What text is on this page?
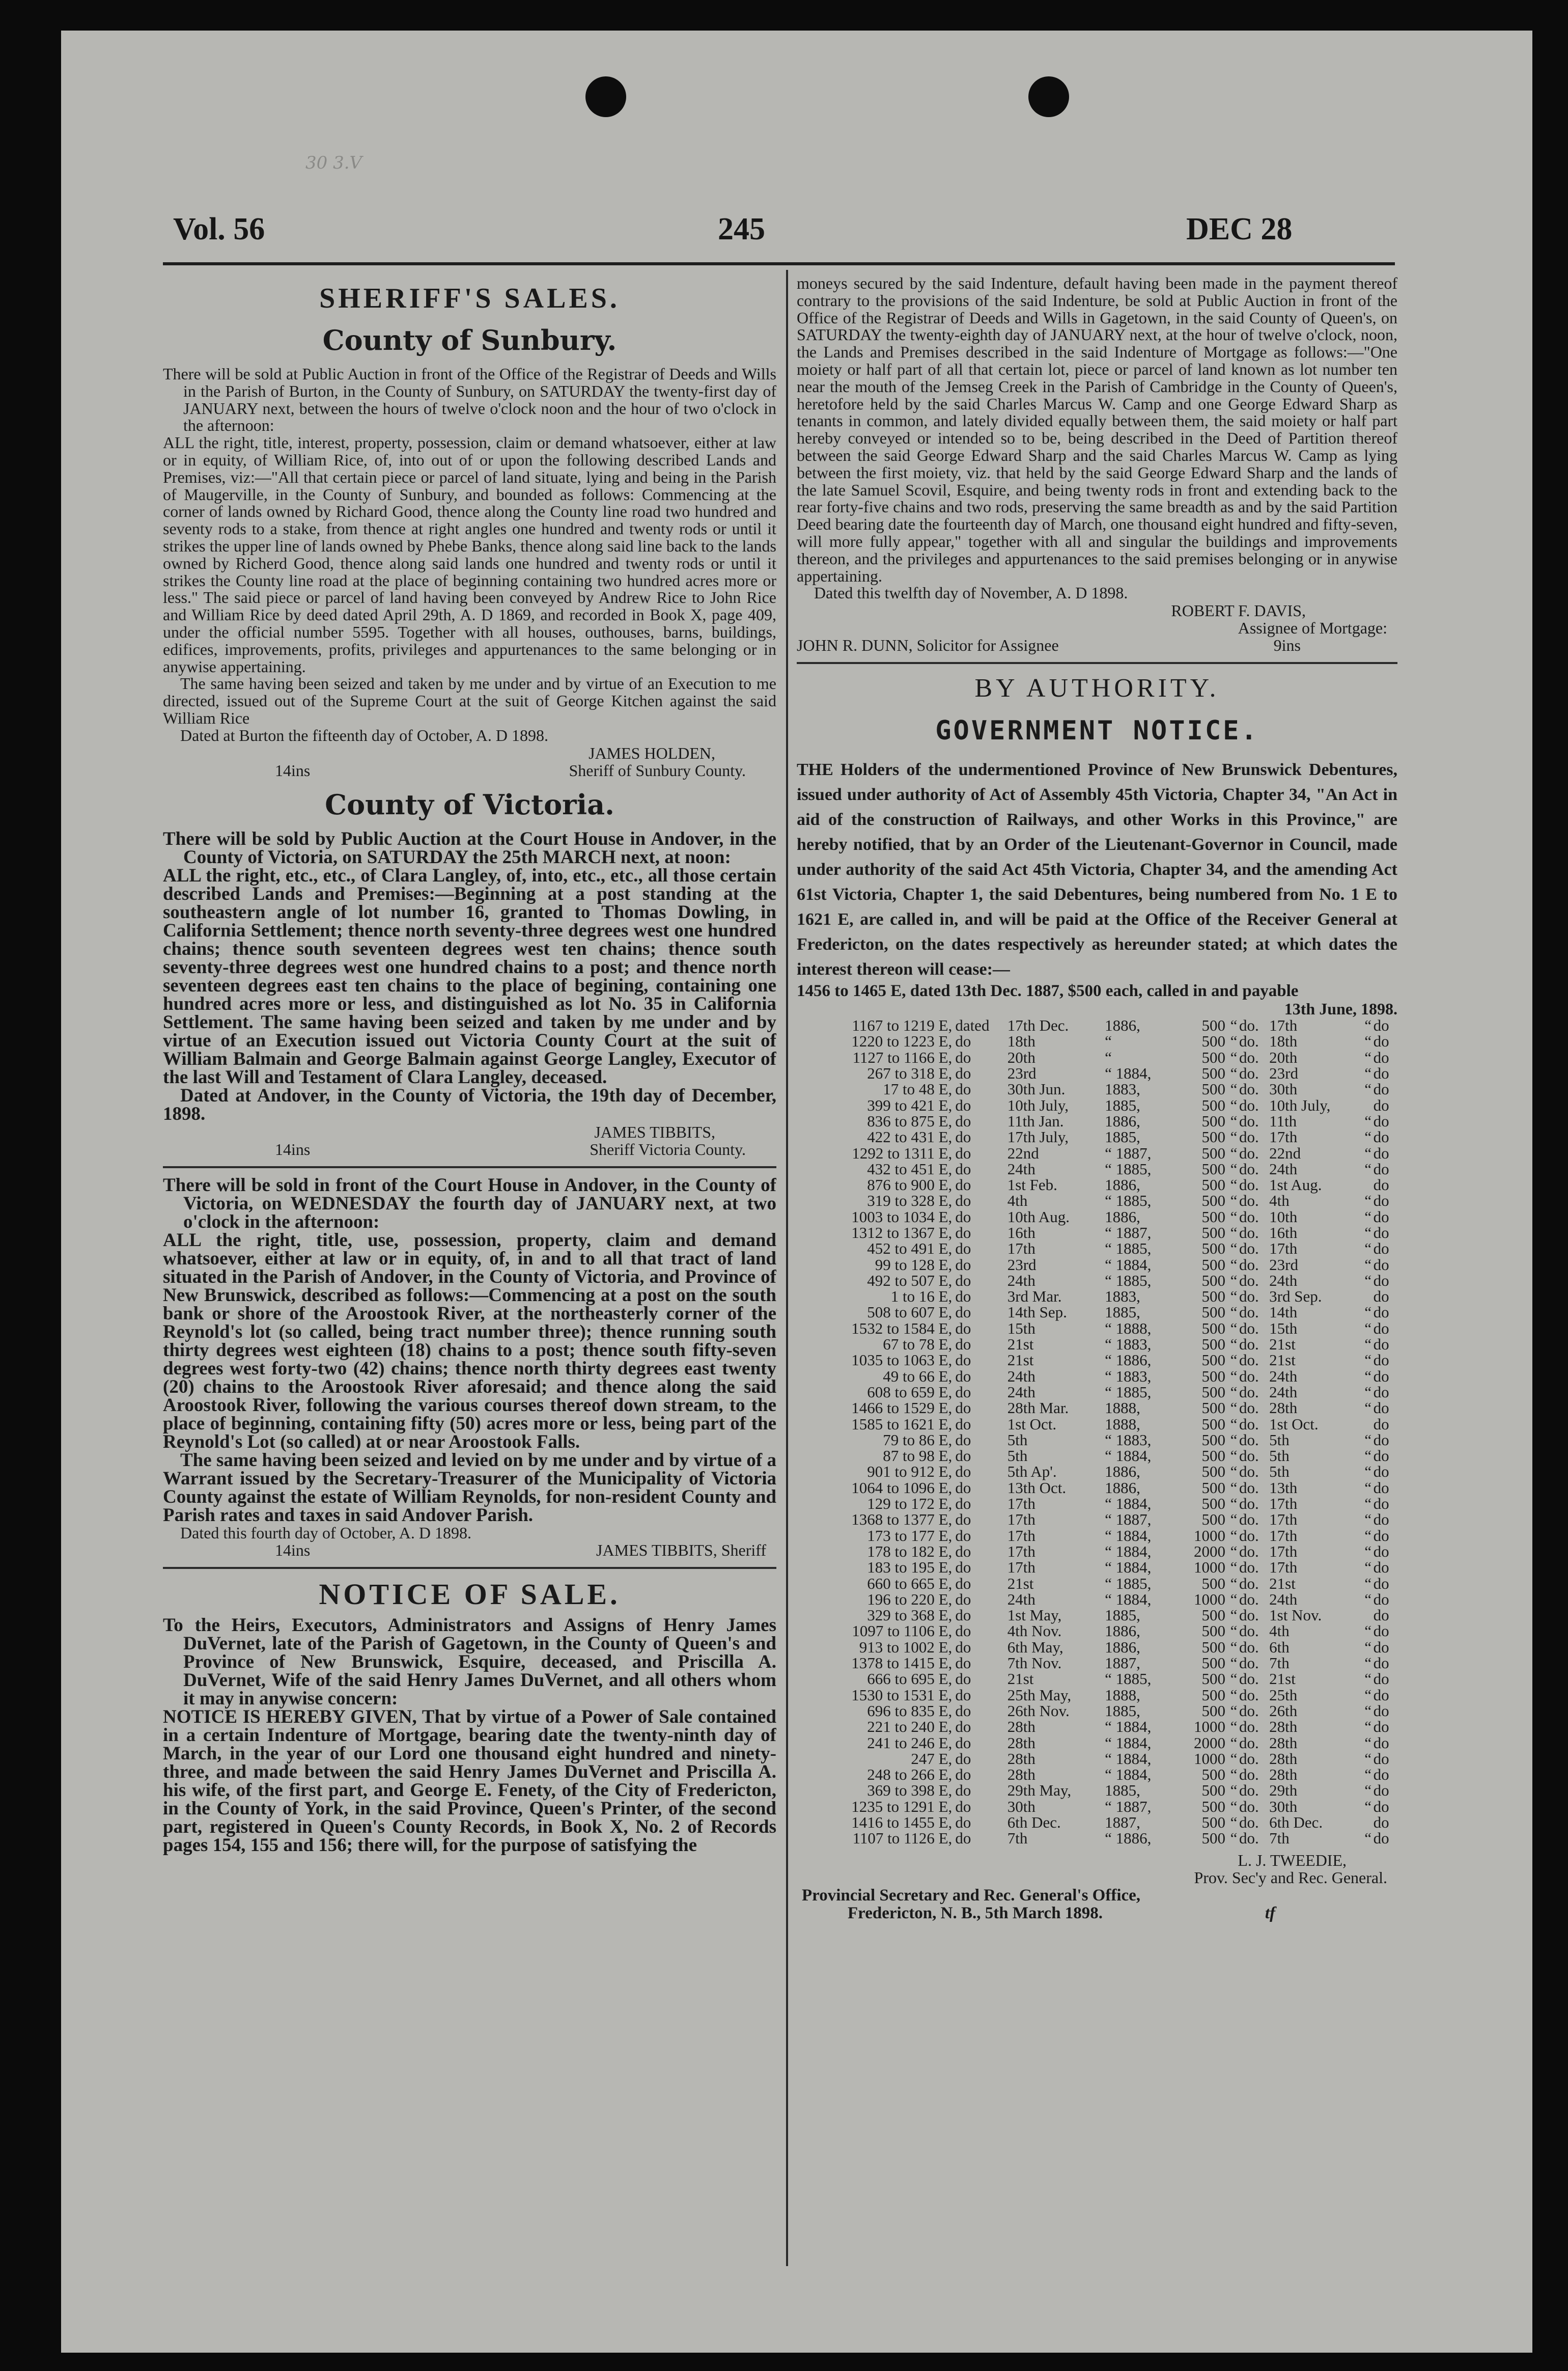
30 3.V
Vol. 56	245	DEC 28
SHERIFF'S SALES.
County of Sunbury.

There will be sold at Public Auction in front of the Office of the Registrar of Deeds and Wills in the Parish of Burton, in the County of Sunbury, on SATURDAY the twenty-first day of JANUARY next, between the hours of twelve o'clock noon and the hour of two o'clock in the afternoon:

ALL the right, title, interest, property, possession, claim or demand whatsoever, either at law or in equity, of William Rice, of, into out of or upon the following described Lands and Premises, viz:—"All that certain piece or parcel of land situate, lying and being in the Parish of Maugerville, in the County of Sunbury, and bounded as follows: Commencing at the corner of lands owned by Richard Good, thence along the County line road two hundred and seventy rods to a stake, from thence at right angles one hundred and twenty rods or until it strikes the upper line of lands owned by Phebe Banks, thence along said line back to the lands owned by Richerd Good, thence along said lands one hundred and twenty rods or until it strikes the County line road at the place of beginning containing two hundred acres more or less." The said piece or parcel of land having been conveyed by Andrew Rice to John Rice and William Rice by deed dated April 29th, A. D 1869, and recorded in Book X, page 409, under the official number 5595. Together with all houses, outhouses, barns, buildings, edifices, improvements, profits, privileges and appurtenances to the same belonging or in anywise appertaining.

The same having been seized and taken by me under and by virtue of an Execution to me directed, issued out of the Supreme Court at the suit of George Kitchen against the said William Rice

Dated at Burton the fifteenth day of October, A. D 1898.

JAMES HOLDEN,
14ins	Sheriff of Sunbury County.
County of Victoria.

There will be sold by Public Auction at the Court House in Andover, in the County of Victoria, on SATURDAY the 25th MARCH next, at noon:

ALL the right, etc., etc., of Clara Langley, of, into, etc., etc., all those certain described Lands and Premises:—Beginning at a post standing at the southeastern angle of lot number 16, granted to Thomas Dowling, in California Settlement; thence north seventy-three degrees west one hundred chains; thence south seventeen degrees west ten chains; thence south seventy-three degrees west one hundred chains to a post; and thence north seventeen degrees east ten chains to the place of begining, containing one hundred acres more or less, and distinguished as lot No. 35 in California Settlement. The same having been seized and taken by me under and by virtue of an Execution issued out Victoria County Court at the suit of William Balmain and George Balmain against George Langley, Executor of the last Will and Testament of Clara Langley, deceased.

Dated at Andover, in the County of Victoria, the 19th day of December, 1898.

JAMES TIBBITS,
14ins	Sheriff Victoria County.

There will be sold in front of the Court House in Andover, in the County of Victoria, on WEDNESDAY the fourth day of JANUARY next, at two o'clock in the afternoon:

ALL the right, title, use, possession, property, claim and demand whatsoever, either at law or in equity, of, in and to all that tract of land situated in the Parish of Andover, in the County of Victoria, and Province of New Brunswick, described as follows:—Commencing at a post on the south bank or shore of the Aroostook River, at the northeasterly corner of the Reynold's lot (so called, being tract number three); thence running south thirty degrees west eighteen (18) chains to a post; thence south fifty-seven degrees west forty-two (42) chains; thence north thirty degrees east twenty (20) chains to the Aroostook River aforesaid; and thence along the said Aroostook River, following the various courses thereof down stream, to the place of beginning, containing fifty (50) acres more or less, being part of the Reynold's Lot (so called) at or near Aroostook Falls.

The same having been seized and levied on by me under and by virtue of a Warrant issued by the Secretary-Treasurer of the Municipality of Victoria County against the estate of William Reynolds, for non-resident County and Parish rates and taxes in said Andover Parish.

Dated this fourth day of October, A. D 1898.

14ins	JAMES TIBBITS, Sheriff
NOTICE OF SALE.

To the Heirs, Executors, Administrators and Assigns of Henry James DuVernet, late of the Parish of Gagetown, in the County of Queen's and Province of New Brunswick, Esquire, deceased, and Priscilla A. DuVernet, Wife of the said Henry James DuVernet, and all others whom it may in anywise concern:

NOTICE IS HEREBY GIVEN, That by virtue of a Power of Sale contained in a certain Indenture of Mortgage, bearing date the twenty-ninth day of March, in the year of our Lord one thousand eight hundred and ninety-three, and made between the said Henry James DuVernet and Priscilla A. his wife, of the first part, and George E. Fenety, of the City of Fredericton, in the County of York, in the said Province, Queen's Printer, of the second part, registered in Queen's County Records, in Book X, No. 2 of Records pages 154, 155 and 156; there will, for the purpose of satisfying the

moneys secured by the said Indenture, default having been made in the payment thereof contrary to the provisions of the said Indenture, be sold at Public Auction in front of the Office of the Registrar of Deeds and Wills in Gagetown, in the said County of Queen's, on SATURDAY the twenty-eighth day of JANUARY next, at the hour of twelve o'clock, noon, the Lands and Premises described in the said Indenture of Mortgage as follows:—"One moiety or half part of all that certain lot, piece or parcel of land known as lot number ten near the mouth of the Jemseg Creek in the Parish of Cambridge in the County of Queen's, heretofore held by the said Charles Marcus W. Camp and one George Edward Sharp as tenants in common, and lately divided equally between them, the said moiety or half part hereby conveyed or intended so to be, being described in the Deed of Partition thereof between the said George Edward Sharp and the said Charles Marcus W. Camp as lying between the first moiety, viz. that held by the said George Edward Sharp and the lands of the late Samuel Scovil, Esquire, and being twenty rods in front and extending back to the rear forty-five chains and two rods, preserving the same breadth as and by the said Partition Deed bearing date the fourteenth day of March, one thousand eight hundred and fifty-seven, will more fully appear," together with all and singular the buildings and improvements thereon, and the privileges and appurtenances to the said premises belonging or in anywise appertaining.

Dated this twelfth day of November, A. D 1898.

ROBERT F. DAVIS,
Assignee of Mortgage:
JOHN R. DUNN, Solicitor for Assignee	9ins
BY AUTHORITY.
GOVERNMENT NOTICE.

THE Holders of the undermentioned Province of New Brunswick Debentures, issued under authority of Act of Assembly 45th Victoria, Chapter 34, "An Act in aid of the construction of Railways, and other Works in this Province," are hereby notified, that by an Order of the Lieutenant-Governor in Council, made under authority of the said Act 45th Victoria, Chapter 34, and the amending Act 61st Victoria, Chapter 1, the said Debentures, being numbered from No. 1 E to 1621 E, are called in, and will be paid at the Office of the Receiver General at Fredericton, on the dates respectively as hereunder stated; at which dates the interest thereon will cease:—

1456 to 1465 E, dated 13th Dec. 1887, $500 each, called in and payable

13th June, 1898.
1167 to 1219 E,	dated	17th Dec.	1886,	500	“	do.	17th	“	do
1220 to 1223 E,	do	18th	“	500	“	do.	18th	“	do
1127 to 1166 E,	do	20th	“	500	“	do.	20th	“	do
267 to 318 E,	do	23rd	“ 1884,	500	“	do.	23rd	“	do
17 to 48 E,	do	30th Jun.	1883,	500	“	do.	30th	“	do
399 to 421 E,	do	10th July,	1885,	500	“	do.	10th July,		do
836 to 875 E,	do	11th Jan.	1886,	500	“	do.	11th	“	do
422 to 431 E,	do	17th July,	1885,	500	“	do.	17th	“	do
1292 to 1311 E,	do	22nd	“ 1887,	500	“	do.	22nd	“	do
432 to 451 E,	do	24th	“ 1885,	500	“	do.	24th	“	do
876 to 900 E,	do	1st Feb.	1886,	500	“	do.	1st Aug.		do
319 to 328 E,	do	4th	“ 1885,	500	“	do.	4th	“	do
1003 to 1034 E,	do	10th Aug.	1886,	500	“	do.	10th	“	do
1312 to 1367 E,	do	16th	“ 1887,	500	“	do.	16th	“	do
452 to 491 E,	do	17th	“ 1885,	500	“	do.	17th	“	do
99 to 128 E,	do	23rd	“ 1884,	500	“	do.	23rd	“	do
492 to 507 E,	do	24th	“ 1885,	500	“	do.	24th	“	do
1 to 16 E,	do	3rd Mar.	1883,	500	“	do.	3rd Sep.		do
508 to 607 E,	do	14th Sep.	1885,	500	“	do.	14th	“	do
1532 to 1584 E,	do	15th	“ 1888,	500	“	do.	15th	“	do
67 to 78 E,	do	21st	“ 1883,	500	“	do.	21st	“	do
1035 to 1063 E,	do	21st	“ 1886,	500	“	do.	21st	“	do
49 to 66 E,	do	24th	“ 1883,	500	“	do.	24th	“	do
608 to 659 E,	do	24th	“ 1885,	500	“	do.	24th	“	do
1466 to 1529 E,	do	28th Mar.	1888,	500	“	do.	28th	“	do
1585 to 1621 E,	do	1st Oct.	1888,	500	“	do.	1st Oct.		do
79 to 86 E,	do	5th	“ 1883,	500	“	do.	5th	“	do
87 to 98 E,	do	5th	“ 1884,	500	“	do.	5th	“	do
901 to 912 E,	do	5th Ap'.	1886,	500	“	do.	5th	“	do
1064 to 1096 E,	do	13th Oct.	1886,	500	“	do.	13th	“	do
129 to 172 E,	do	17th	“ 1884,	500	“	do.	17th	“	do
1368 to 1377 E,	do	17th	“ 1887,	500	“	do.	17th	“	do
173 to 177 E,	do	17th	“ 1884,	1000	“	do.	17th	“	do
178 to 182 E,	do	17th	“ 1884,	2000	“	do.	17th	“	do
183 to 195 E,	do	17th	“ 1884,	1000	“	do.	17th	“	do
660 to 665 E,	do	21st	“ 1885,	500	“	do.	21st	“	do
196 to 220 E,	do	24th	“ 1884,	1000	“	do.	24th	“	do
329 to 368 E,	do	1st May,	1885,	500	“	do.	1st Nov.		do
1097 to 1106 E,	do	4th Nov.	1886,	500	“	do.	4th	“	do
913 to 1002 E,	do	6th May,	1886,	500	“	do.	6th	“	do
1378 to 1415 E,	do	7th Nov.	1887,	500	“	do.	7th	“	do
666 to 695 E,	do	21st	“ 1885,	500	“	do.	21st	“	do
1530 to 1531 E,	do	25th May,	1888,	500	“	do.	25th	“	do
696 to 835 E,	do	26th Nov.	1885,	500	“	do.	26th	“	do
221 to 240 E,	do	28th	“ 1884,	1000	“	do.	28th	“	do
241 to 246 E,	do	28th	“ 1884,	2000	“	do.	28th	“	do
247 E,	do	28th	“ 1884,	1000	“	do.	28th	“	do
248 to 266 E,	do	28th	“ 1884,	500	“	do.	28th	“	do
369 to 398 E,	do	29th May,	1885,	500	“	do.	29th	“	do
1235 to 1291 E,	do	30th	“ 1887,	500	“	do.	30th	“	do
1416 to 1455 E,	do	6th Dec.	1887,	500	“	do.	6th Dec.		do
1107 to 1126 E,	do	7th	“ 1886,	500	“	do.	7th	“	do
L. J. TWEEDIE,
Prov. Sec'y and Rec. General.
Provincial Secretary and Rec. General's Office,
Fredericton, N. B., 5th March 1898.	tf
